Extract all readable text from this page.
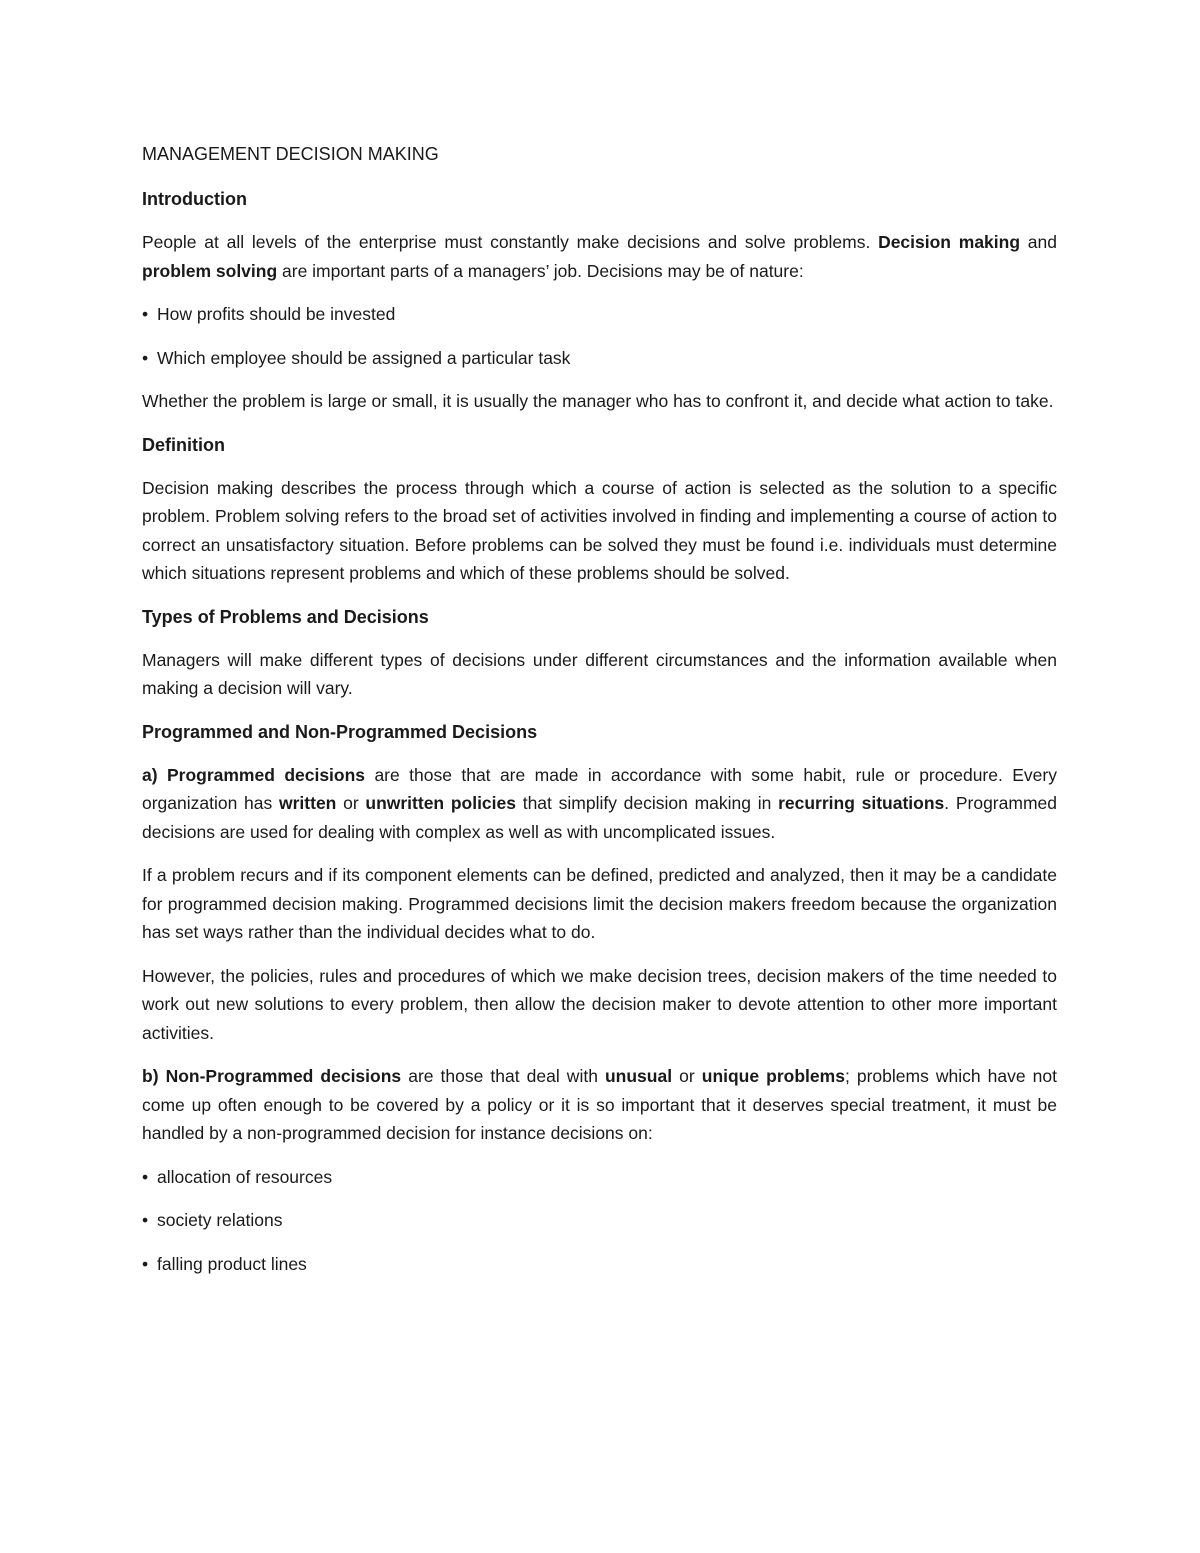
MANAGEMENT DECISION MAKING
Introduction

People at all levels of the enterprise must constantly make decisions and solve problems. Decision making and problem solving are important parts of a managers’ job. Decisions may be of nature:

• How profits should be invested
• Which employee should be assigned a particular task

Whether the problem is large or small, it is usually the manager who has to confront it, and decide what action to take.

Definition

Decision making describes the process through which a course of action is selected as the solution to a specific problem. Problem solving refers to the broad set of activities involved in finding and implementing a course of action to correct an unsatisfactory situation. Before problems can be solved they must be found i.e. individuals must determine which situations represent problems and which of these problems should be solved.

Types of Problems and Decisions

Managers will make different types of decisions under different circumstances and the information available when making a decision will vary.

Programmed and Non-Programmed Decisions

a) Programmed decisions are those that are made in accordance with some habit, rule or procedure. Every organization has written or unwritten policies that simplify decision making in recurring situations. Programmed decisions are used for dealing with complex as well as with uncomplicated issues.

If a problem recurs and if its component elements can be defined, predicted and analyzed, then it may be a candidate for programmed decision making. Programmed decisions limit the decision makers freedom because the organization has set ways rather than the individual decides what to do.

However, the policies, rules and procedures of which we make decision trees, decision makers of the time needed to work out new solutions to every problem, then allow the decision maker to devote attention to other more important activities.

b) Non-Programmed decisions are those that deal with unusual or unique problems; problems which have not come up often enough to be covered by a policy or it is so important that it deserves special treatment, it must be handled by a non-programmed decision for instance decisions on:

• allocation of resources
• society relations
• falling product lines
